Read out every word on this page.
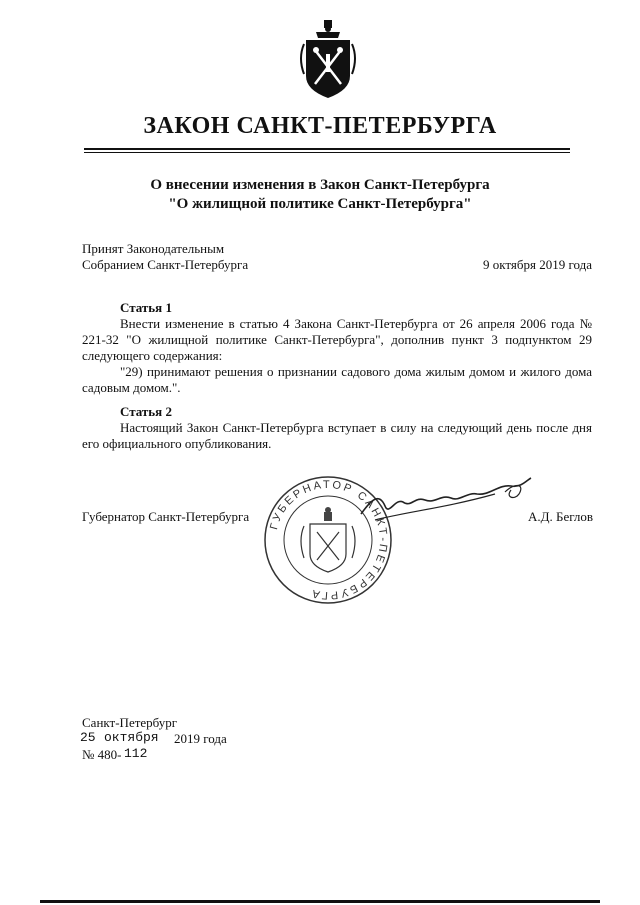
ЗАКОН САНКТ-ПЕТЕРБУРГА
О внесении изменения в Закон Санкт-Петербурга
"О жилищной политике Санкт-Петербурга"
Принят Законодательным
Собранием Санкт-Петербурга	9 октября 2019 года
Статья 1
Внести изменение в статью 4 Закона Санкт-Петербурга от 26 апреля 2006 года № 221-32 "О жилищной политике Санкт-Петербурга", дополнив пункт 3 подпунктом 29 следующего содержания:
"29) принимают решения о признании садового дома жилым домом и жилого дома садовым домом.".
Статья 2
Настоящий Закон Санкт-Петербурга вступает в силу на следующий день после дня его официального опубликования.
Губернатор Санкт-Петербурга
ГУБЕРНАТОР САНКТ-ПЕТЕРБУРГА
А.Д. Беглов
Санкт-Петербург
25 октября 2019 года
№ 480- 112
